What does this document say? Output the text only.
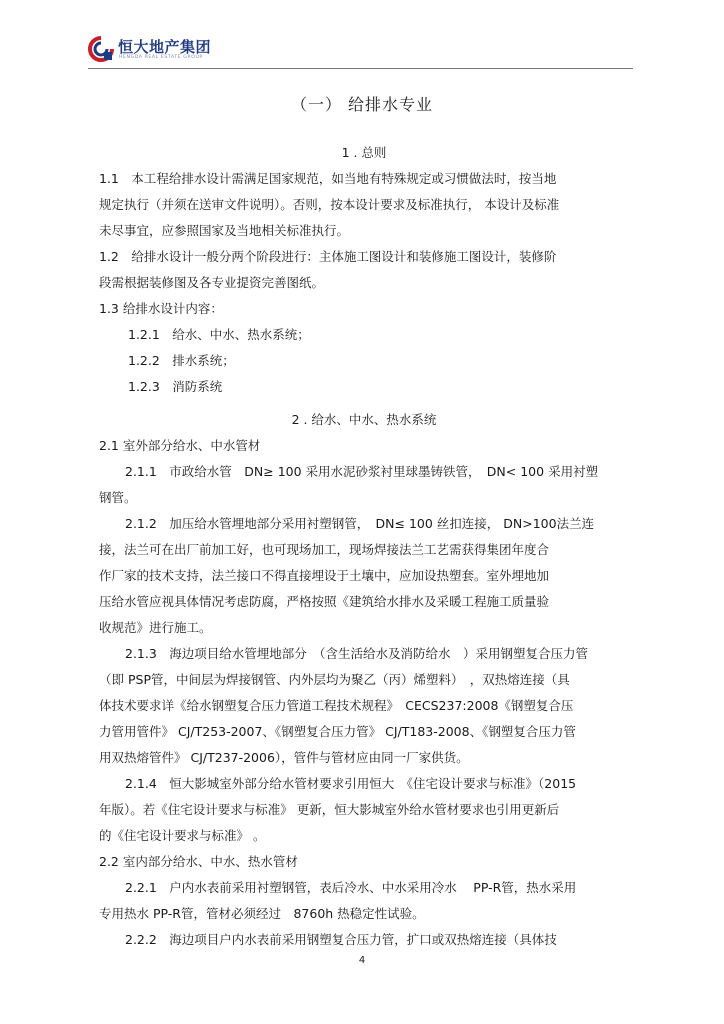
恒大地产集团
HENGDA REAL ESTATE GROUP
（一） 给排水专业

1 . 总则

1.1　本工程给排水设计需满足国家规范，如当地有特殊规定或习惯做法时，按当地

规定执行（并须在送审文件说明）。否则，按本设计要求及标准执行， 本设计及标准

未尽事宜，应参照国家及当地相关标准执行。

1.2　给排水设计一般分两个阶段进行：主体施工图设计和装修施工图设计，装修阶

段需根据装修图及各专业提资完善图纸。

1.3 给排水设计内容：

1.2.1　给水、中水、热水系统；

1.2.2　排水系统；

1.2.3　消防系统

2 . 给水、中水、热水系统

2.1 室外部分给水、中水管材

2.1.1　市政给水管　DN≥ 100 采用水泥砂浆衬里球墨铸铁管，　DN< 100 采用衬塑

钢管。

2.1.2　加压给水管埋地部分采用衬塑钢管，　DN≤ 100 丝扣连接， DN>100法兰连

接，法兰可在出厂前加工好，也可现场加工，现场焊接法兰工艺需获得集团年度合

作厂家的技术支持，法兰接口不得直接埋设于土壤中，应加设热塑套。室外埋地加

压给水管应视具体情况考虑防腐，严格按照《建筑给水排水及采暖工程施工质量验

收规范》进行施工。

2.1.3　海边项目给水管埋地部分　（含生活给水及消防给水　）采用钢塑复合压力管

（即 PSP管，中间层为焊接钢管、内外层均为聚乙（丙）烯塑料）　，双热熔连接（具

体技术要求详《给水钢塑复合压力管道工程技术规程》　CECS237:2008《钢塑复合压

力管用管件》 CJ/T253-2007、《钢塑复合压力管》 CJ/T183-2008、《钢塑复合压力管

用双热熔管件》 CJ/T237-2006），管件与管材应由同一厂家供货。

2.1.4　恒大影城室外部分给水管材要求引用恒大　《住宅设计要求与标准》（2015

年版）。若《住宅设计要求与标准》 更新，恒大影城室外给水管材要求也引用更新后

的《住宅设计要求与标准》 。

2.2 室内部分给水、中水、热水管材

2.2.1　户内水表前采用衬塑钢管，表后冷水、中水采用冷水　 PP-R管，热水采用

专用热水 PP-R管，管材必须经过　8760h 热稳定性试验。

2.2.2　海边项目户内水表前采用钢塑复合压力管，扩口或双热熔连接（具体技

4
